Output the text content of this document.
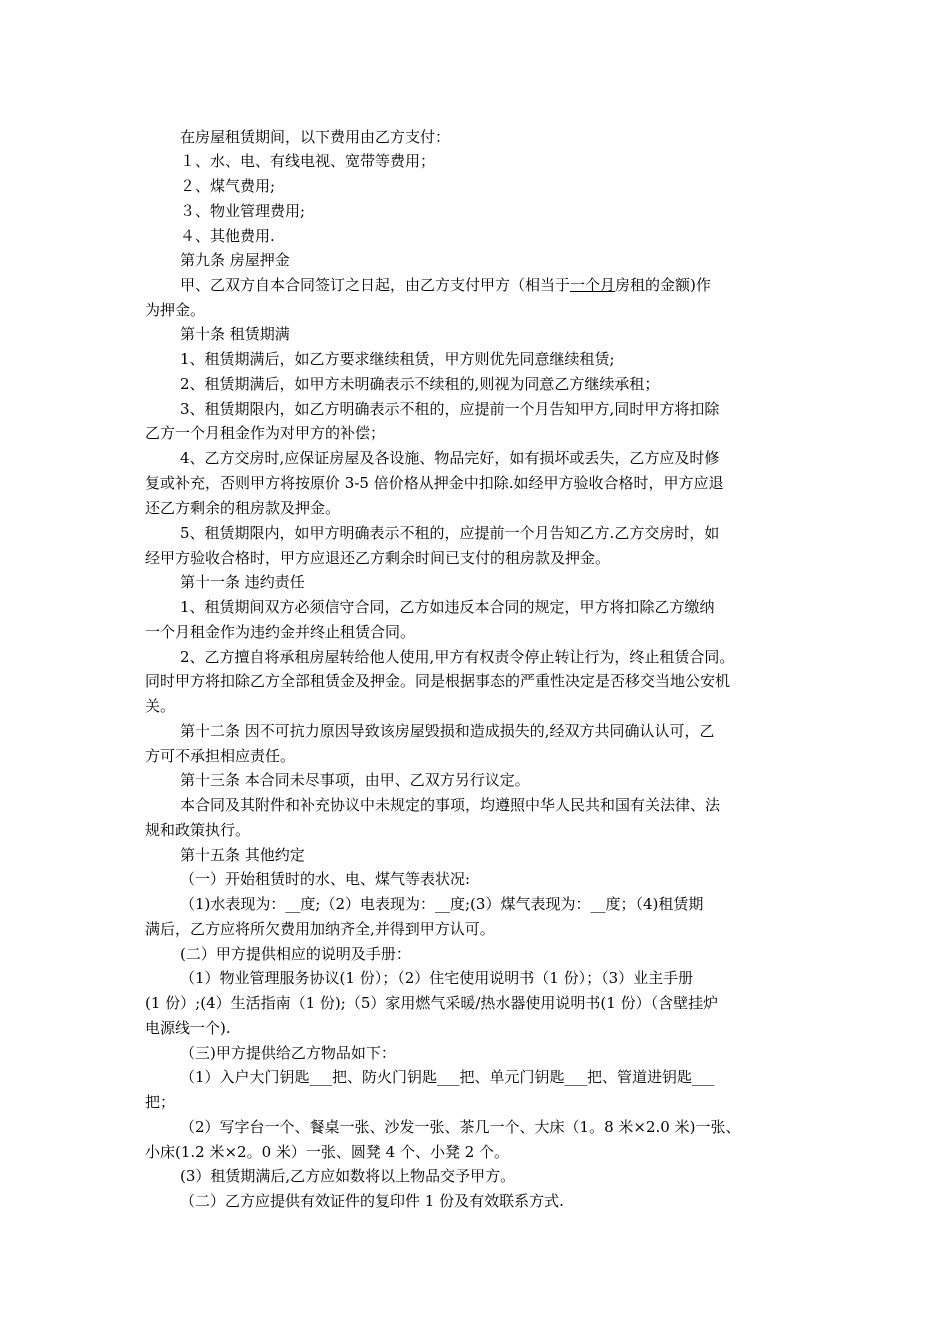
在房屋租赁期间，以下费用由乙方支付：
１、水、电、有线电视、宽带等费用；
２、煤气费用;
３、物业管理费用;
４、其他费用.
第九条 房屋押金
甲、乙双方自本合同签订之日起，由乙方支付甲方（相当于一个月房租的金额)作
为押金。
第十条 租赁期满
1、租赁期满后，如乙方要求继续租赁，甲方则优先同意继续租赁;
2、租赁期满后，如甲方未明确表示不续租的,则视为同意乙方继续承租；
3、租赁期限内，如乙方明确表示不租的，应提前一个月告知甲方,同时甲方将扣除
乙方一个月租金作为对甲方的补偿；
4、乙方交房时,应保证房屋及各设施、物品完好，如有损坏或丢失，乙方应及时修
复或补充，否则甲方将按原价 3-5 倍价格从押金中扣除.如经甲方验收合格时，甲方应退
还乙方剩余的租房款及押金。
5、租赁期限内，如甲方明确表示不租的，应提前一个月告知乙方.乙方交房时，如
经甲方验收合格时，甲方应退还乙方剩余时间已支付的租房款及押金。
第十一条 违约责任
1、租赁期间双方必须信守合同，乙方如违反本合同的规定，甲方将扣除乙方缴纳
一个月租金作为违约金并终止租赁合同。
2、乙方擅自将承租房屋转给他人使用,甲方有权责令停止转让行为，终止租赁合同。
同时甲方将扣除乙方全部租赁金及押金。同是根据事态的严重性决定是否移交当地公安机
关。
第十二条 因不可抗力原因导致该房屋毁损和造成损失的,经双方共同确认认可，乙
方可不承担相应责任。
第十三条 本合同未尽事项，由甲、乙双方另行议定。
本合同及其附件和补充协议中未规定的事项，均遵照中华人民共和国有关法律、法
规和政策执行。
第十五条 其他约定
（一）开始租赁时的水、电、煤气等表状况:
（1)水表现为：__度;（2）电表现为：__度;(3）煤气表现为：__度；（4)租赁期
满后，乙方应将所欠费用加纳齐全,并得到甲方认可。
(二）甲方提供相应的说明及手册：
（1）物业管理服务协议(1 份）；（2）住宅使用说明书（1 份）；（3）业主手册
(1 份）;(4）生活指南（1 份);（5）家用燃气采暖/热水器使用说明书(1 份）（含壁挂炉
电源线一个).
（三)甲方提供给乙方物品如下：
（1）入户大门钥匙___把、防火门钥匙___把、单元门钥匙___把、管道进钥匙___
把；
（2）写字台一个、餐桌一张、沙发一张、茶几一个、大床（1。8 米×2.0 米)一张、
小床(1.2 米×2。0 米）一张、圆凳 4 个、小凳 2 个。
(3）租赁期满后,乙方应如数将以上物品交予甲方。
（二）乙方应提供有效证件的复印件 1 份及有效联系方式.
